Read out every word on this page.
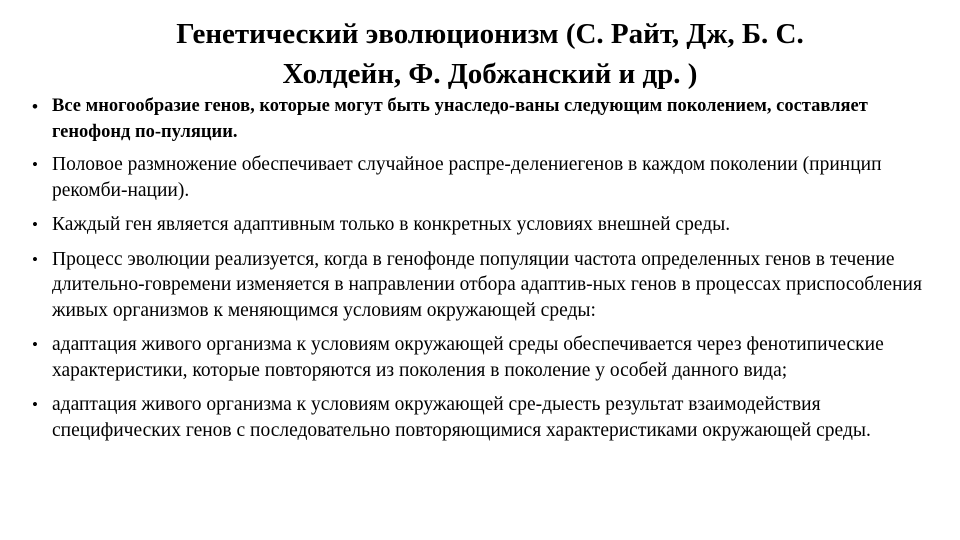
Генетический эволюционизм (С. Райт, Дж, Б. С.
Холдейн, Ф. Добжанский и др. )
• Все многообразие генов, которые могут быть унаследо-ваны следующим поколением, составляет генофонд по-пуляции.
• Половое размножение обеспечивает случайное распре-делениегенов в каждом поколении (принцип рекомби-нации).
• Каждый ген является адаптивным только в конкретных условиях внешней среды.
• Процесс эволюции реализуется, когда в генофонде популяции частота определенных генов в течение длительно-говремени изменяется в направлении отбора адаптив-ных генов в процессах приспособления живых организмов к меняющимся условиям окружающей среды:
• адаптация живого организма к условиям окружающей среды обеспечивается через фенотипические характеристики, которые повторяются из поколения в поколение у особей данного вида;
• адаптация живого организма к условиям окружающей сре-дыесть результат взаимодействия специфических генов с последовательно повторяющимися характеристиками окружающей среды.
